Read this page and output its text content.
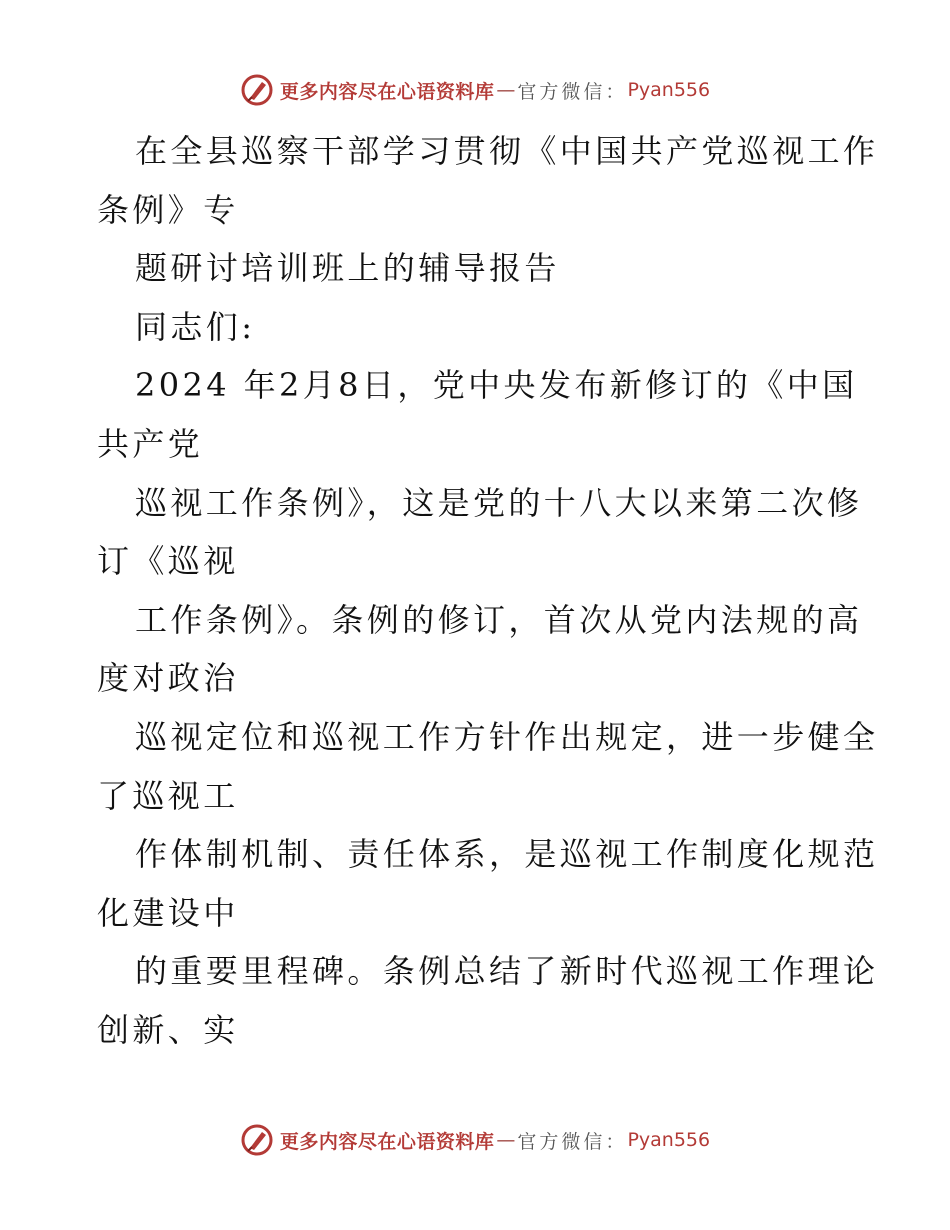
更多内容尽在心语资料库 — 官方微信： Pyan556
在全县巡察干部学习贯彻《中国共产党巡视工作
条例》专
题研讨培训班上的辅导报告
同志们:
2024 年2月8日，党中央发布新修订的《中国
共产党
巡视工作条例》，这是党的十八大以来第二次修
订《巡视
工作条例》。条例的修订，首次从党内法规的高
度对政治
巡视定位和巡视工作方针作出规定，进一步健全
了巡视工
作体制机制、责任体系，是巡视工作制度化规范
化建设中
的重要里程碑。条例总结了新时代巡视工作理论
创新、实
更多内容尽在心语资料库 — 官方微信： Pyan556
